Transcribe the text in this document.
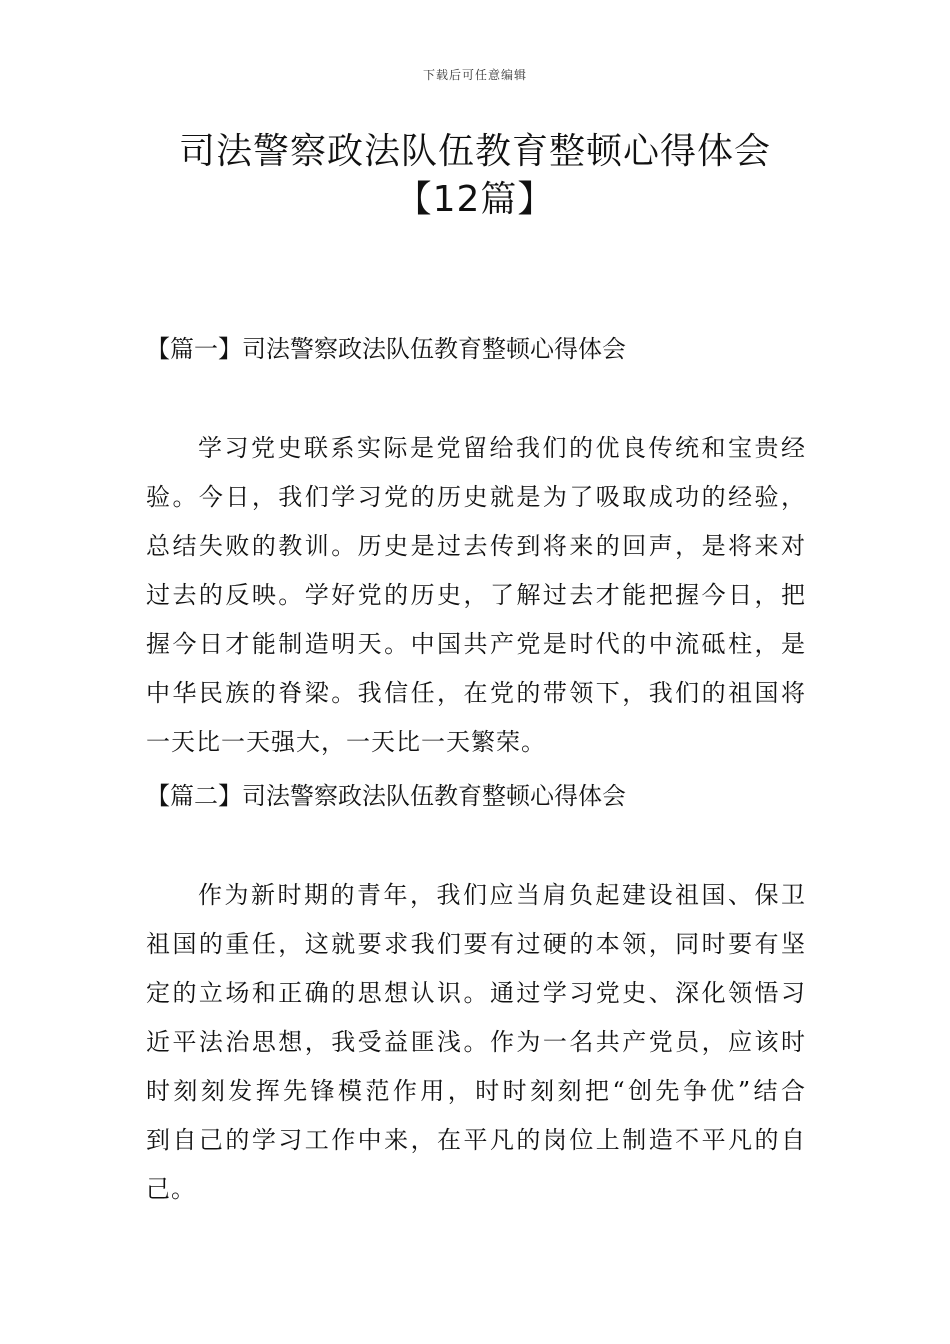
下载后可任意编辑
司法警察政法队伍教育整顿心得体会【12篇】
【篇一】司法警察政法队伍教育整顿心得体会
学习党史联系实际是党留给我们的优良传统和宝贵经
验。今日，我们学习党的历史就是为了吸取成功的经验，
总结失败的教训。历史是过去传到将来的回声，是将来对
过去的反映。学好党的历史，了解过去才能把握今日，把
握今日才能制造明天。中国共产党是时代的中流砥柱，是
中华民族的脊梁。我信任，在党的带领下，我们的祖国将
一天比一天强大，一天比一天繁荣。
【篇二】司法警察政法队伍教育整顿心得体会
作为新时期的青年，我们应当肩负起建设祖国、保卫
祖国的重任，这就要求我们要有过硬的本领，同时要有坚
定的立场和正确的思想认识。通过学习党史、深化领悟习
近平法治思想，我受益匪浅。作为一名共产党员，应该时
时刻刻发挥先锋模范作用，时时刻刻把“创先争优”结合
到自己的学习工作中来，在平凡的岗位上制造不平凡的自
己。
